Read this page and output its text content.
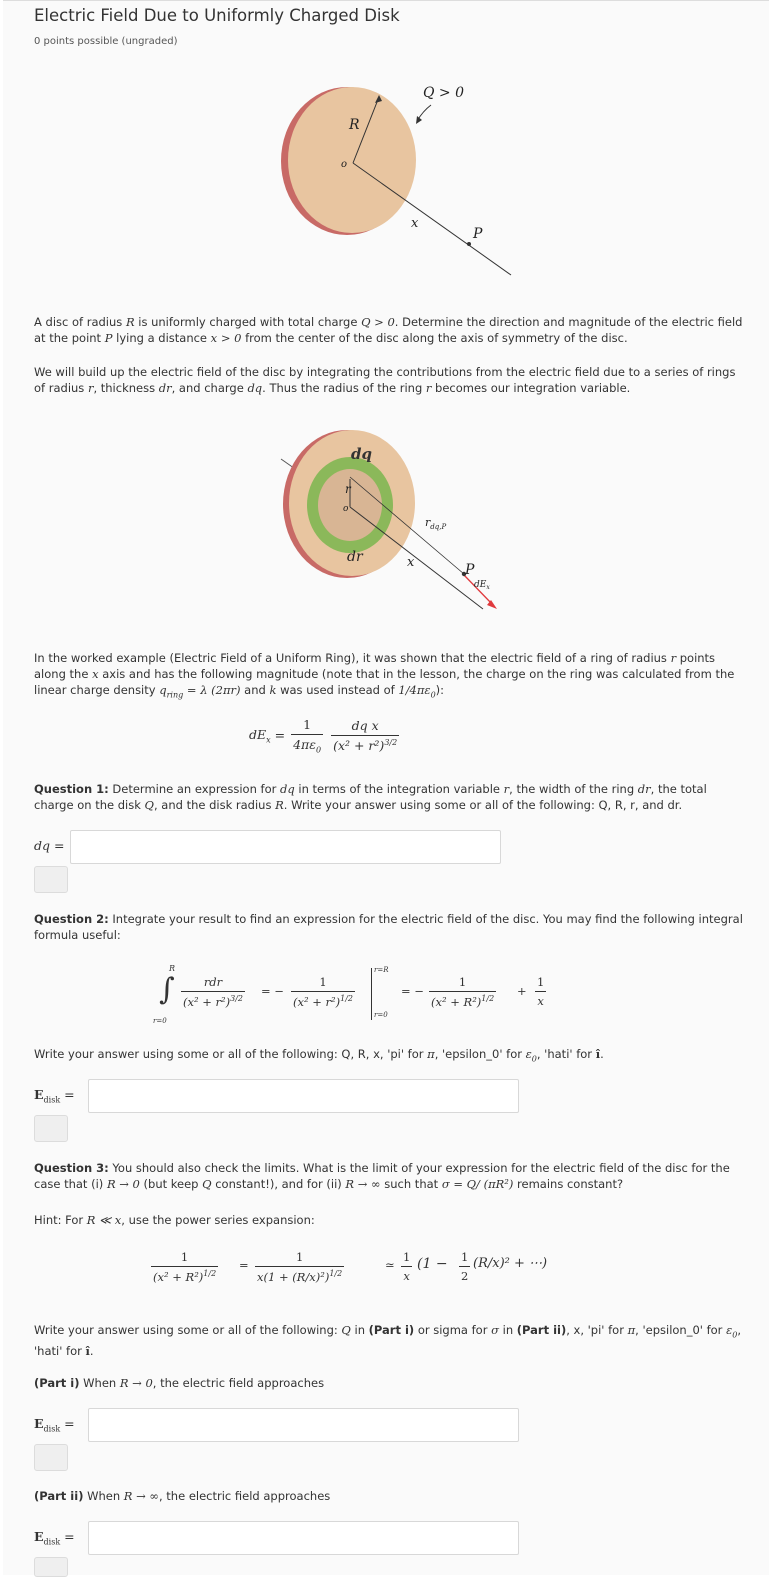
Electric Field Due to Uniformly Charged Disk
0 points possible (ungraded)
R
o
Q > 0
x
P
A disc of radius R is uniformly charged with total charge Q > 0. Determine the direction and magnitude of the electric field at the point P lying a distance x > 0 from the center of the disc along the axis of symmetry of the disc.
We will build up the electric field of the disc by integrating the contributions from the electric field due to a series of rings of radius r, thickness dr, and charge dq. Thus the radius of the ring r becomes our integration variable.
dq
r
o
dr
$r_{dq,P}$
x	P
$dE_x$
In the worked example (Electric Field of a Uniform Ring), it was shown that the electric field of a ring of radius r points along the x axis and has the following magnitude (note that in the lesson, the charge on the ring was calculated from the linear charge density $q_{ring} = \lambda$ (2πr) and k was used instead of $1/4\pi\varepsilon_0$):
$dE_x = \frac{1}{4\pi\varepsilon_0}$
$\frac{\text{dq x}}{(x^2 + r^2)^{3/2}}$
Question 1: Determine an expression for dq in terms of the integration variable r, the width of the ring dr, the total charge on the disk Q, and the disk radius R. Write your answer using some or all of the following: Q, R, r, and dr.
dq =
Question 2: Integrate your result to find an expression for the electric field of the disc. You may find the following integral formula useful:
R
∫
r=0
rdr
$(x^2 + r^2)^{3/2}$
= − $\frac{1}{(x^2 + r^2)^{1/2}}$
r=R
r=0
= − $\frac{1}{(x^2 + R^2)^{1/2}} + \frac{1}{x}$
Write your answer using some or all of the following: Q, R, x, 'pi' for π, 'epsilon_0' for $\varepsilon_0$, 'hati' for î.
$E_{disk}$ =
Question 3: You should also check the limits. What is the limit of your expression for the electric field of the disc for the case that (i) R → 0 (but keep Q constant!), and for (ii) R → ∞ such that σ = Q/ (πR²) remains constant?
Hint: For R ≪ x, use the power series expansion:
$\frac{1}{(x^2 + R^2)^{1/2}} = \frac{1}{x(1 + (R/x)^2)^{1/2}}$	≃ $\frac{1}{x} (1 - \frac{1}{2} (R/x)^2$ + ⋯)
Write your answer using some or all of the following: Q in (Part i) or sigma for σ in (Part ii), x, 'pi' for π, 'epsilon_0' for $\varepsilon_0$, 'hati' for î.
(Part i) When R → 0, the electric field approaches
$E_{disk}$ =
(Part ii) When R → ∞, the electric field approaches
$E_{disk}$ =
